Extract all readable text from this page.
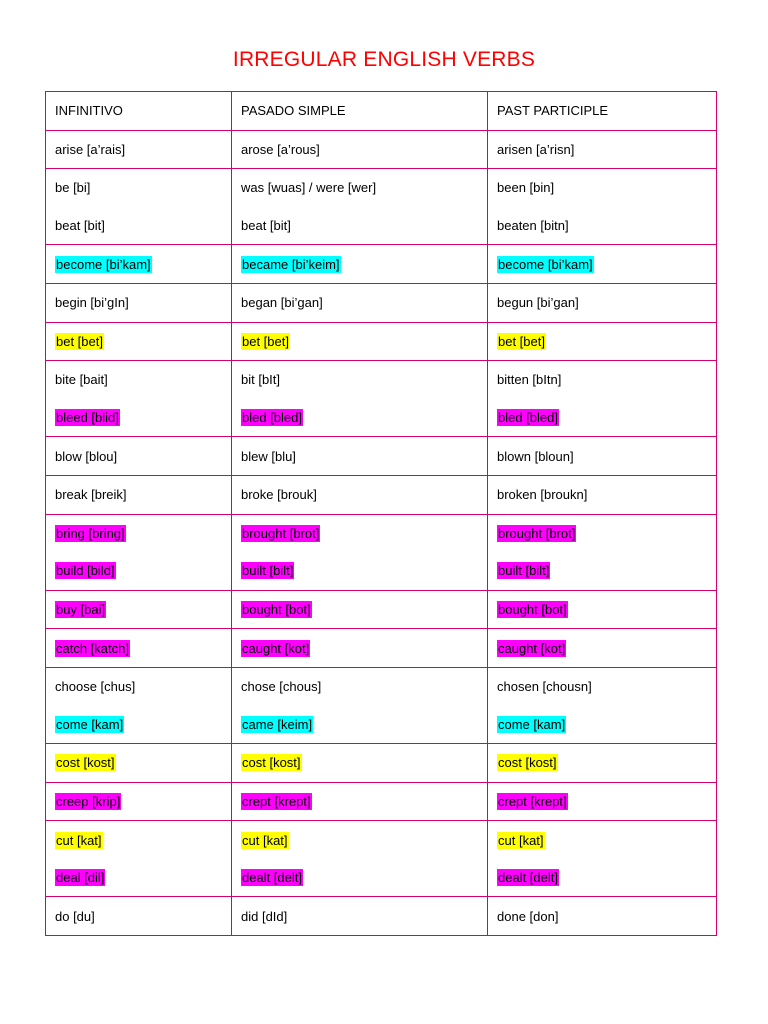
IRREGULAR ENGLISH VERBS
INFINITIVO	PASADO SIMPLE	PAST PARTICIPLE
arise [a’rais]	arose [a’rous]	arisen [a’risn]
be [bi]	was [wuas] / were [wer]	been [bin]
beat [bit]	beat [bit]	beaten [bitn]
become [bi’kam]	became [bi’keim]	become [bi’kam]
begin [bi’gIn]	began [bi’gan]	begun [bi’gan]
bet [bet]	bet [bet]	bet [bet]
bite [bait]	bit [bIt]	bitten [bItn]
bleed [blid]	bled [bled]	bled [bled]
blow [blou]	blew [blu]	blown [bloun]
break [breik]	broke [brouk]	broken [broukn]
bring [bring]	brought [brot]	brought [brot]
build [bild]	built [bilt]	built [bilt]
buy [bai]	bought [bot]	bought [bot]
catch [katch]	caught [kot]	caught [kot]
choose [chus]	chose [chous]	chosen [chousn]
come [kam]	came [keim]	come [kam]
cost [kost]	cost [kost]	cost [kost]
creep [krip]	crept [krept]	crept [krept]
cut [kat]	cut [kat]	cut [kat]
deal [dil]	dealt [delt]	dealt [delt]
do [du]	did [dId]	done [don]
